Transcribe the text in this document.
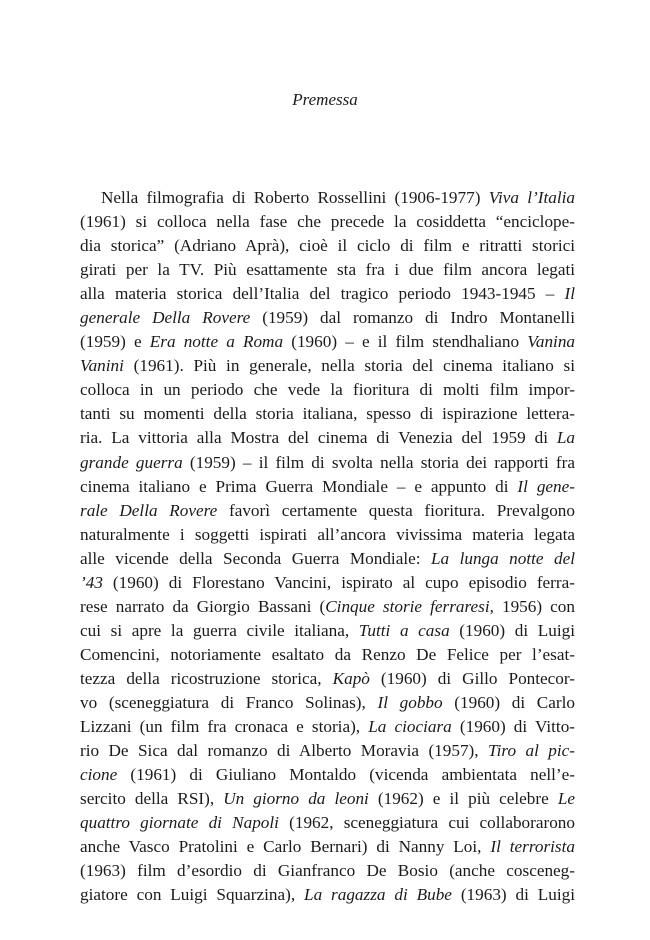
Premessa
Nella filmografia di Roberto Rossellini (1906-1977) Viva l’Italia
(1961) si colloca nella fase che precede la cosiddetta “enciclope-
dia storica” (Adriano Aprà), cioè il ciclo di film e ritratti storici
girati per la TV. Più esattamente sta fra i due film ancora legati
alla materia storica dell’Italia del tragico periodo 1943-1945 – Il
generale Della Rovere (1959) dal romanzo di Indro Montanelli
(1959) e Era notte a Roma (1960) – e il film stendhaliano Vanina
Vanini (1961). Più in generale, nella storia del cinema italiano si
colloca in un periodo che vede la fioritura di molti film impor-
tanti su momenti della storia italiana, spesso di ispirazione lettera-
ria. La vittoria alla Mostra del cinema di Venezia del 1959 di La
grande guerra (1959) – il film di svolta nella storia dei rapporti fra
cinema italiano e Prima Guerra Mondiale – e appunto di Il gene-
rale Della Rovere favorì certamente questa fioritura. Prevalgono
naturalmente i soggetti ispirati all’ancora vivissima materia legata
alle vicende della Seconda Guerra Mondiale: La lunga notte del
’43 (1960) di Florestano Vancini, ispirato al cupo episodio ferra-
rese narrato da Giorgio Bassani (Cinque storie ferraresi, 1956) con
cui si apre la guerra civile italiana, Tutti a casa (1960) di Luigi
Comencini, notoriamente esaltato da Renzo De Felice per l’esat-
tezza della ricostruzione storica, Kapò (1960) di Gillo Pontecor-
vo (sceneggiatura di Franco Solinas), Il gobbo (1960) di Carlo
Lizzani (un film fra cronaca e storia), La ciociara (1960) di Vitto-
rio De Sica dal romanzo di Alberto Moravia (1957), Tiro al pic-
cione (1961) di Giuliano Montaldo (vicenda ambientata nell’e-
sercito della RSI), Un giorno da leoni (1962) e il più celebre Le
quattro giornate di Napoli (1962, sceneggiatura cui collaborarono
anche Vasco Pratolini e Carlo Bernari) di Nanny Loi, Il terrorista
(1963) film d’esordio di Gianfranco De Bosio (anche cosceneg-
giatore con Luigi Squarzina), La ragazza di Bube (1963) di Luigi
